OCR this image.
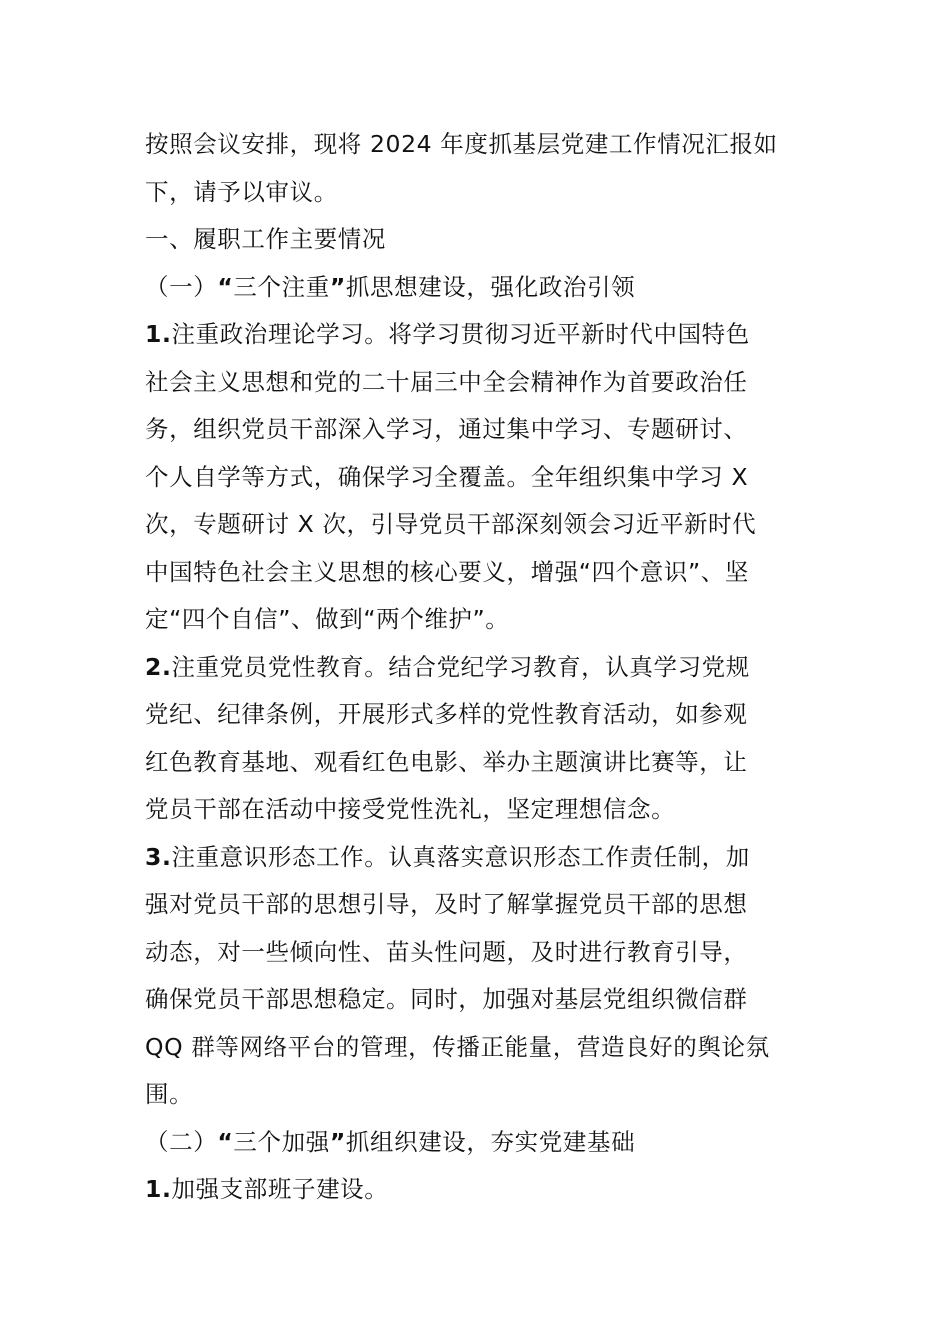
按照会议安排，现将 2024 年度抓基层党建工作情况汇报如
下，请予以审议。
一、履职工作主要情况
（一）“三个注重”抓思想建设，强化政治引领
1.注重政治理论学习。将学习贯彻习近平新时代中国特色
社会主义思想和党的二十届三中全会精神作为首要政治任
务，组织党员干部深入学习，通过集中学习、专题研讨、
个人自学等方式，确保学习全覆盖。全年组织集中学习 X
次，专题研讨 X 次，引导党员干部深刻领会习近平新时代
中国特色社会主义思想的核心要义，增强“四个意识”、坚
定“四个自信”、做到“两个维护”。
2.注重党员党性教育。结合党纪学习教育，认真学习党规
党纪、纪律条例，开展形式多样的党性教育活动，如参观
红色教育基地、观看红色电影、举办主题演讲比赛等，让
党员干部在活动中接受党性洗礼，坚定理想信念。
3.注重意识形态工作。认真落实意识形态工作责任制，加
强对党员干部的思想引导，及时了解掌握党员干部的思想
动态，对一些倾向性、苗头性问题，及时进行教育引导，
确保党员干部思想稳定。同时，加强对基层党组织微信群
QQ 群等网络平台的管理，传播正能量，营造良好的舆论氛
围。
（二）“三个加强”抓组织建设，夯实党建基础
1.加强支部班子建设。
